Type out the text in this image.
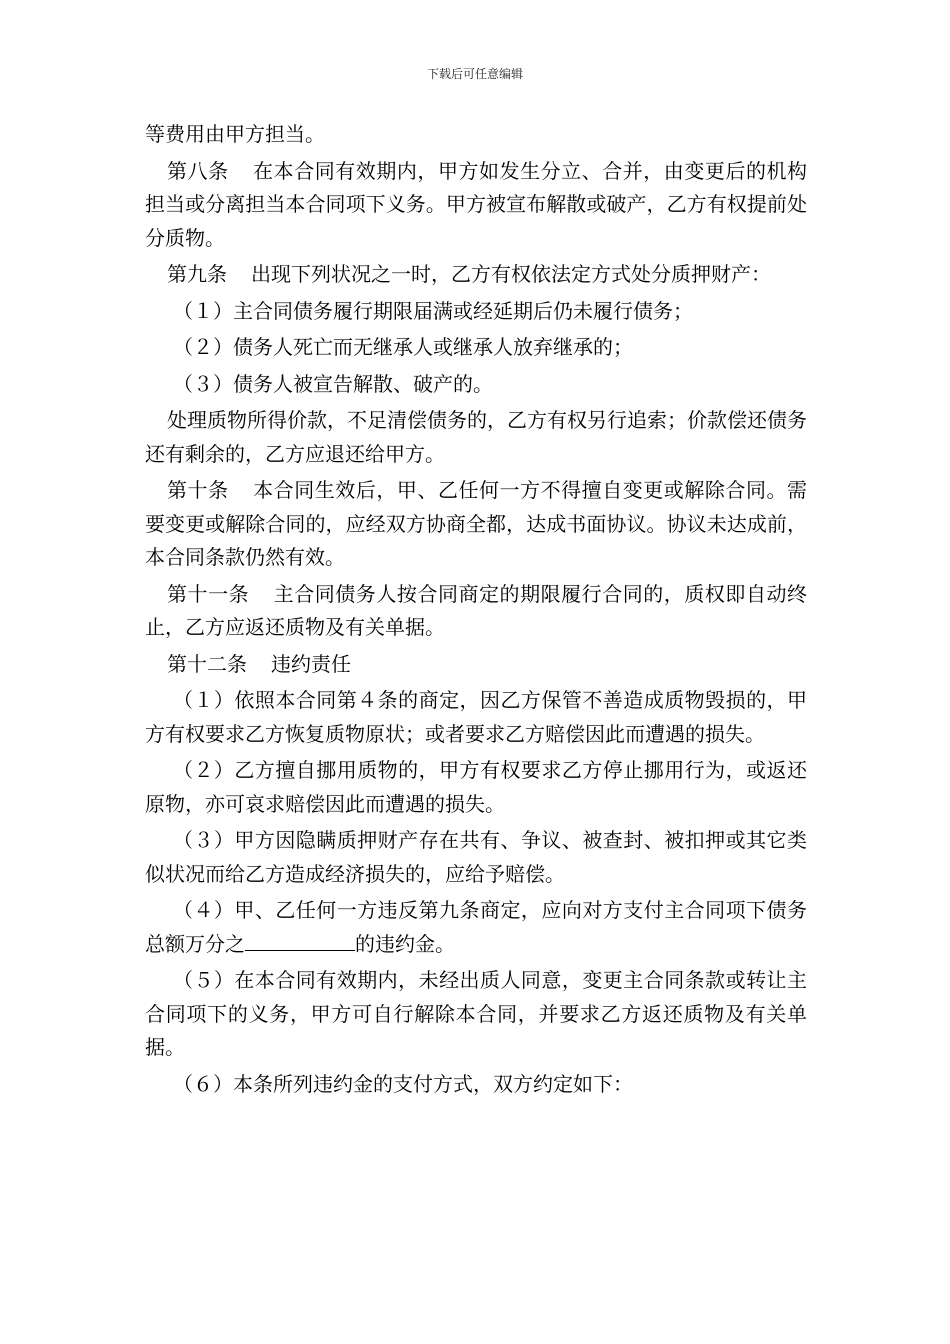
下载后可任意编辑

等费用由甲方担当。

第八条 在本合同有效期内，甲方如发生分立、合并，由变更后的机构担当或分离担当本合同项下义务。甲方被宣布解散或破产，乙方有权提前处分质物。

第九条 出现下列状况之一时，乙方有权依法定方式处分质押财产：

（１）主合同债务履行期限届满或经延期后仍未履行债务；

（２）债务人死亡而无继承人或继承人放弃继承的；

（３）债务人被宣告解散、破产的。

处理质物所得价款，不足清偿债务的，乙方有权另行追索；价款偿还债务还有剩余的，乙方应退还给甲方。

第十条 本合同生效后，甲、乙任何一方不得擅自变更或解除合同。需要变更或解除合同的，应经双方协商全都，达成书面协议。协议未达成前，本合同条款仍然有效。

第十一条 主合同债务人按合同商定的期限履行合同的，质权即自动终止，乙方应返还质物及有关单据。

第十二条 违约责任

（１）依照本合同第４条的商定，因乙方保管不善造成质物毁损的，甲方有权要求乙方恢复质物原状；或者要求乙方赔偿因此而遭遇的损失。

（２）乙方擅自挪用质物的，甲方有权要求乙方停止挪用行为，或返还原物，亦可哀求赔偿因此而遭遇的损失。

（３）甲方因隐瞒质押财产存在共有、争议、被查封、被扣押或其它类似状况而给乙方造成经济损失的，应给予赔偿。

（４）甲、乙任何一方违反第九条商定，应向对方支付主合同项下债务总额万分之	的违约金。

（５）在本合同有效期内，未经出质人同意，变更主合同条款或转让主合同项下的义务，甲方可自行解除本合同，并要求乙方返还质物及有关单据。

（６）本条所列违约金的支付方式，双方约定如下：
